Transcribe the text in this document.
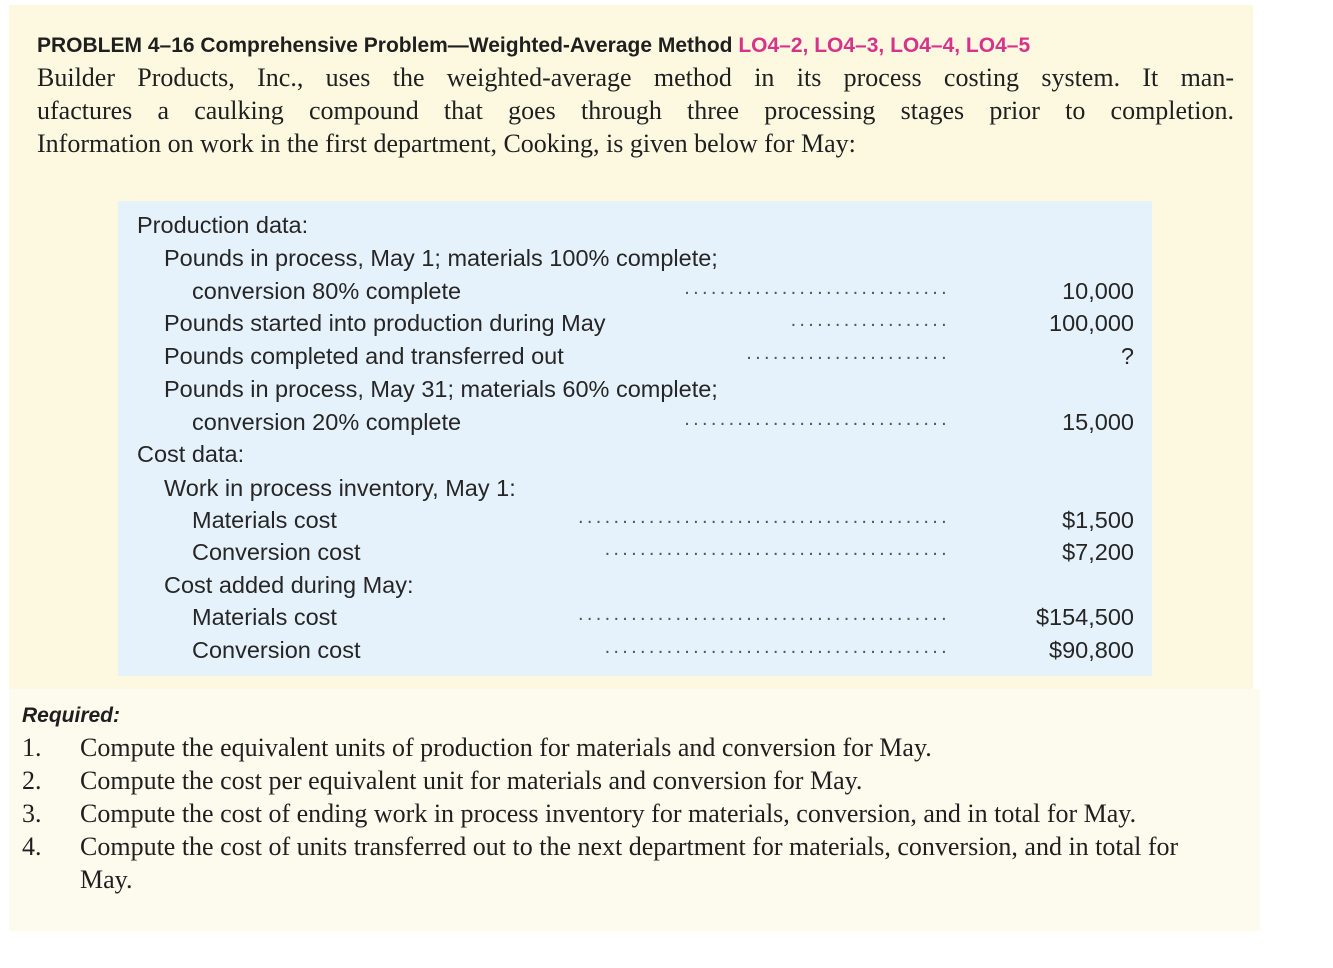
PROBLEM 4–16 Comprehensive Problem—Weighted-Average Method LO4–2, LO4–3, LO4–4, LO4–5

Builder Products, Inc., uses the weighted-average method in its process costing system. It man-
ufactures a caulking compound that goes through three processing stages prior to completion.
Information on work in the first department, Cooking, is given below for May:

Production data:
Pounds in process, May 1; materials 100% complete;
conversion 80% complete	..............................	10,000
Pounds started into production during May	..................	100,000
Pounds completed and transferred out	.......................	?
Pounds in process, May 31; materials 60% complete;
conversion 20% complete	..............................	15,000
Cost data:
Work in process inventory, May 1:
Materials cost	..........................................	$1,500
Conversion cost	.......................................	$7,200
Cost added during May:
Materials cost	..........................................	$154,500
Conversion cost	.......................................	$90,800
Required:
1. Compute the equivalent units of production for materials and conversion for May.
2. Compute the cost per equivalent unit for materials and conversion for May.
3. Compute the cost of ending work in process inventory for materials, conversion, and in total for May.
4. Compute the cost of units transferred out to the next department for materials, conversion, and in total for May.
